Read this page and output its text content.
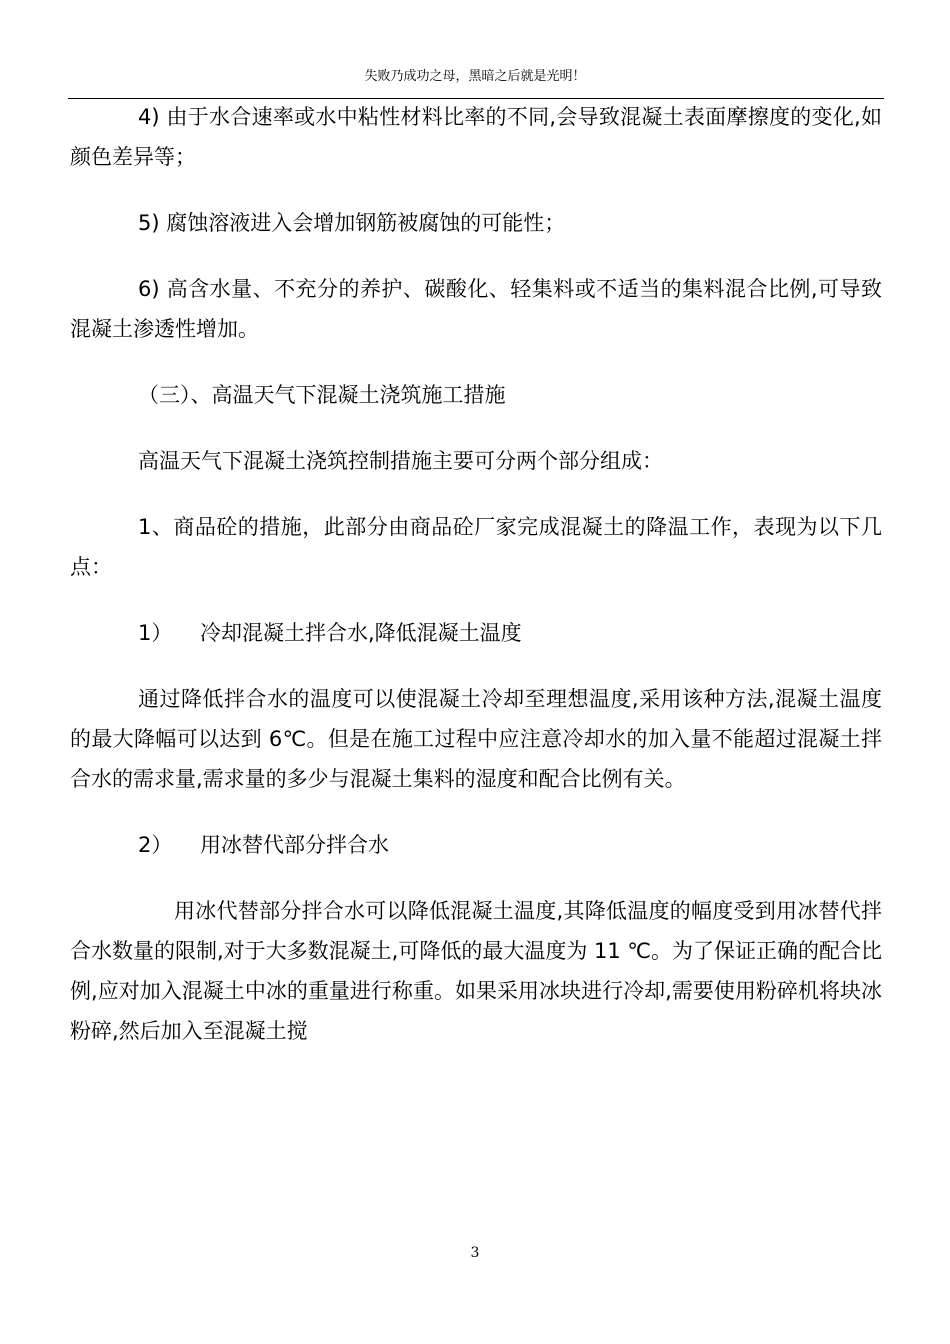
失败乃成功之母，黑暗之后就是光明！

4) 由于水合速率或水中粘性材料比率的不同,会导致混凝土表面摩擦度的变化,如颜色差异等；

5) 腐蚀溶液进入会增加钢筋被腐蚀的可能性；

6) 高含水量、不充分的养护、碳酸化、轻集料或不适当的集料混合比例,可导致混凝土渗透性增加。

（三）、高温天气下混凝土浇筑施工措施

高温天气下混凝土浇筑控制措施主要可分两个部分组成：

1、商品砼的措施，此部分由商品砼厂家完成混凝土的降温工作，表现为以下几点：

1） 冷却混凝土拌合水,降低混凝土温度

通过降低拌合水的温度可以使混凝土冷却至理想温度,采用该种方法,混凝土温度的最大降幅可以达到 6℃。但是在施工过程中应注意冷却水的加入量不能超过混凝土拌合水的需求量,需求量的多少与混凝土集料的湿度和配合比例有关。

2） 用冰替代部分拌合水

用冰代替部分拌合水可以降低混凝土温度,其降低温度的幅度受到用冰替代拌合水数量的限制,对于大多数混凝土,可降低的最大温度为 11 ℃。为了保证正确的配合比例,应对加入混凝土中冰的重量进行称重。如果采用冰块进行冷却,需要使用粉碎机将块冰粉碎,然后加入至混凝土搅

3
